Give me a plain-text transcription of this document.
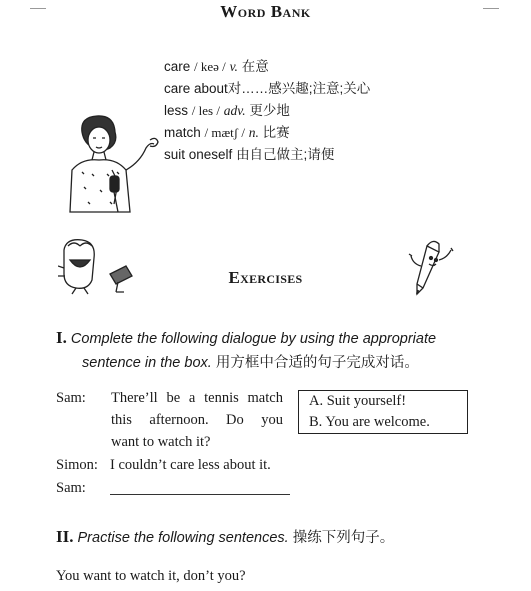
Word Bank
care / keə / v. 在意
care about对……感兴趣;注意;关心
less / les / adv. 更少地
match / mætʃ / n. 比赛
suit oneself 由自己做主;请便
Exercises
I. Complete the following dialogue by using the appropriate
sentence in the box. 用方框中合适的句子完成对话。
Sam: There’ll be a tennis match
this afternoon. Do you
want to watch it?
Simon: I couldn’t care less about it.
Sam:
A. Suit yourself!
B. You are welcome.
II. Practise the following sentences. 操练下列句子。
You want to watch it, don’t you?
